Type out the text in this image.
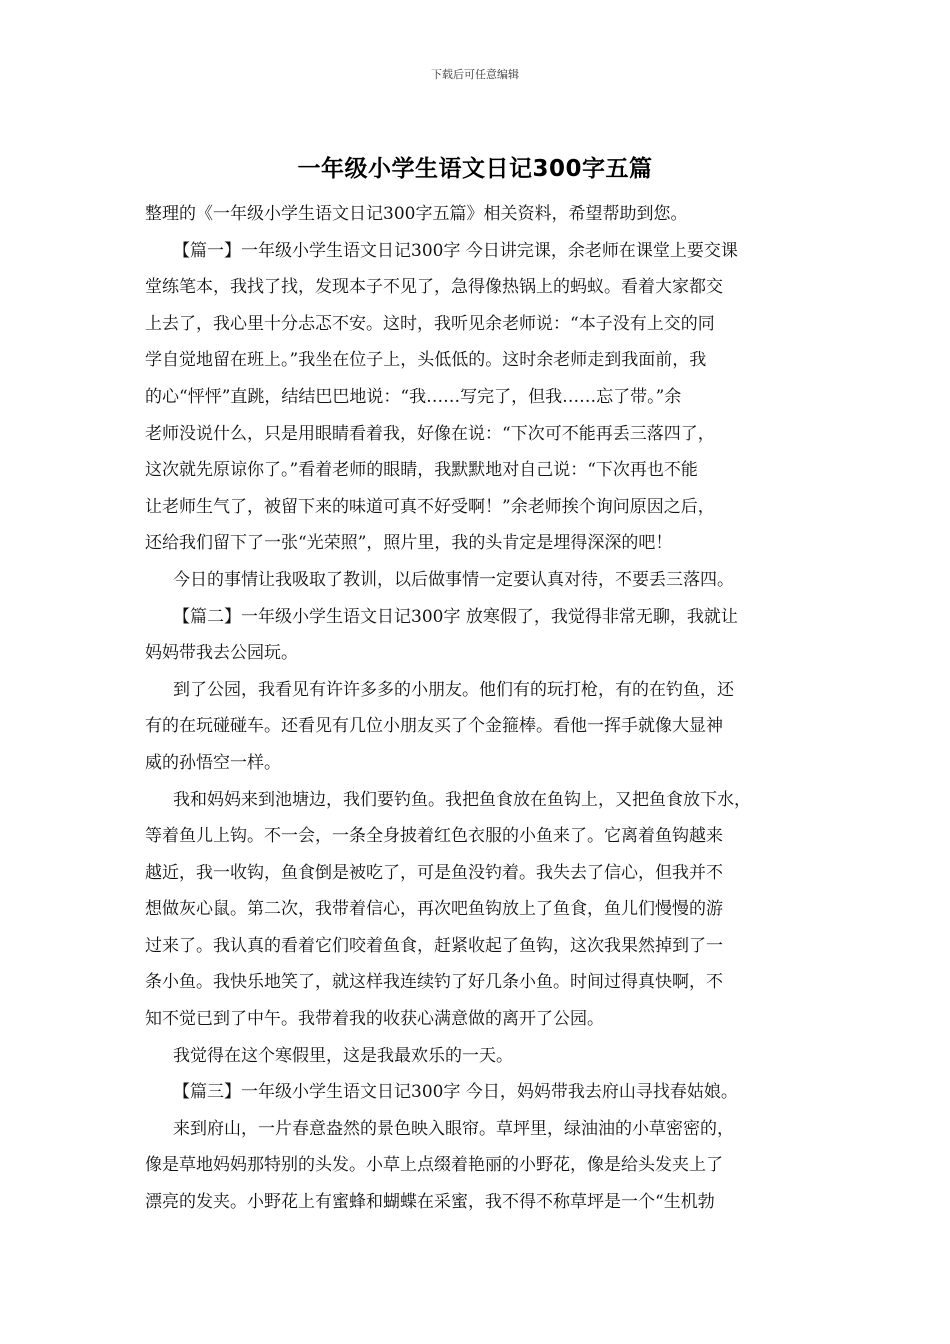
下载后可任意编辑
一年级小学生语文日记300字五篇
整理的《一年级小学生语文日记300字五篇》相关资料，希望帮助到您。
【篇一】一年级小学生语文日记300字 今日讲完课，余老师在课堂上要交课
堂练笔本，我找了找，发现本子不见了，急得像热锅上的蚂蚁。看着大家都交
上去了，我心里十分忐忑不安。这时，我听见余老师说：“本子没有上交的同
学自觉地留在班上。”我坐在位子上，头低低的。这时余老师走到我面前，我
的心“怦怦”直跳，结结巴巴地说：“我……写完了，但我……忘了带。”余
老师没说什么，只是用眼睛看着我，好像在说：“下次可不能再丢三落四了，
这次就先原谅你了。”看着老师的眼睛，我默默地对自己说：“下次再也不能
让老师生气了，被留下来的味道可真不好受啊！”余老师挨个询问原因之后，
还给我们留下了一张“光荣照”，照片里，我的头肯定是埋得深深的吧！
今日的事情让我吸取了教训，以后做事情一定要认真对待，不要丢三落四。
【篇二】一年级小学生语文日记300字 放寒假了，我觉得非常无聊，我就让
妈妈带我去公园玩。
到了公园，我看见有许许多多的小朋友。他们有的玩打枪，有的在钓鱼，还
有的在玩碰碰车。还看见有几位小朋友买了个金箍棒。看他一挥手就像大显神
威的孙悟空一样。
我和妈妈来到池塘边，我们要钓鱼。我把鱼食放在鱼钩上，又把鱼食放下水，
等着鱼儿上钩。不一会，一条全身披着红色衣服的小鱼来了。它离着鱼钩越来
越近，我一收钩，鱼食倒是被吃了，可是鱼没钓着。我失去了信心，但我并不
想做灰心鼠。第二次，我带着信心，再次吧鱼钩放上了鱼食，鱼儿们慢慢的游
过来了。我认真的看着它们咬着鱼食，赶紧收起了鱼钩，这次我果然掉到了一
条小鱼。我快乐地笑了，就这样我连续钓了好几条小鱼。时间过得真快啊，不
知不觉已到了中午。我带着我的收获心满意做的离开了公园。
我觉得在这个寒假里，这是我最欢乐的一天。
【篇三】一年级小学生语文日记300字 今日，妈妈带我去府山寻找春姑娘。
来到府山，一片春意盎然的景色映入眼帘。草坪里，绿油油的小草密密的，
像是草地妈妈那特别的头发。小草上点缀着艳丽的小野花，像是给头发夹上了
漂亮的发夹。小野花上有蜜蜂和蝴蝶在采蜜，我不得不称草坪是一个“生机勃
